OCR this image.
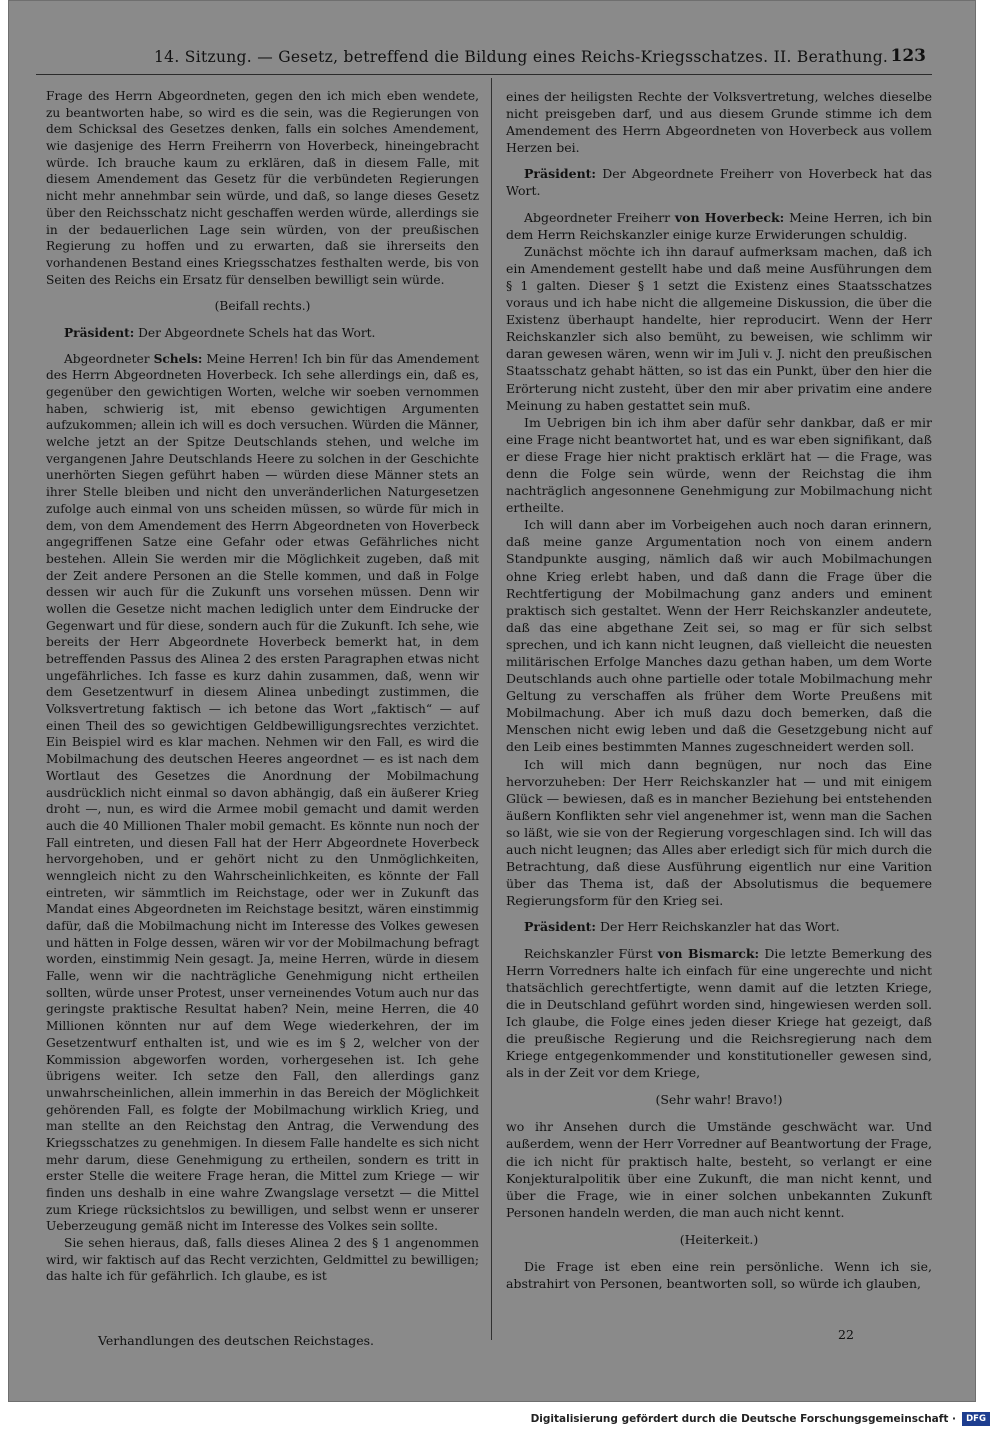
14. Sitzung. — Gesetz, betreffend die Bildung eines Reichs-Kriegsschatzes. II. Berathung. 123

Frage des Herrn Abgeordneten, gegen den ich mich eben wendete, zu beantworten habe, so wird es die sein, was die Regierungen von dem Schicksal des Gesetzes denken, falls ein solches Amendement, wie dasjenige des Herrn Freiherrn von Hoverbeck, hineingebracht würde. Ich brauche kaum zu erklären, daß in diesem Falle, mit diesem Amendement das Gesetz für die verbündeten Regierungen nicht mehr annehmbar sein würde, und daß, so lange dieses Gesetz über den Reichsschatz nicht geschaffen werden würde, allerdings sie in der bedauerlichen Lage sein würden, von der preußischen Regierung zu hoffen und zu erwarten, daß sie ihrerseits den vorhandenen Bestand eines Kriegsschatzes festhalten werde, bis von Seiten des Reichs ein Ersatz für denselben bewilligt sein würde.

(Beifall rechts.)

Präsident: Der Abgeordnete Schels hat das Wort.

Abgeordneter Schels: Meine Herren! Ich bin für das Amendement des Herrn Abgeordneten Hoverbeck. Ich sehe allerdings ein, daß es, gegenüber den gewichtigen Worten, welche wir soeben vernommen haben, schwierig ist, mit ebenso gewichtigen Argumenten aufzukommen; allein ich will es doch versuchen. Würden die Männer, welche jetzt an der Spitze Deutschlands stehen, und welche im vergangenen Jahre Deutschlands Heere zu solchen in der Geschichte unerhörten Siegen geführt haben — würden diese Männer stets an ihrer Stelle bleiben und nicht den unveränderlichen Naturgesetzen zufolge auch einmal von uns scheiden müssen, so würde für mich in dem, von dem Amendement des Herrn Abgeordneten von Hoverbeck angegriffenen Satze eine Gefahr oder etwas Gefährliches nicht bestehen. Allein Sie werden mir die Möglichkeit zugeben, daß mit der Zeit andere Personen an die Stelle kommen, und daß in Folge dessen wir auch für die Zukunft uns vorsehen müssen. Denn wir wollen die Gesetze nicht machen lediglich unter dem Eindrucke der Gegenwart und für diese, sondern auch für die Zukunft. Ich sehe, wie bereits der Herr Abgeordnete Hoverbeck bemerkt hat, in dem betreffenden Passus des Alinea 2 des ersten Paragraphen etwas nicht ungefährliches. Ich fasse es kurz dahin zusammen, daß, wenn wir dem Gesetzentwurf in diesem Alinea unbedingt zustimmen, die Volksvertretung faktisch — ich betone das Wort „faktisch“ — auf einen Theil des so gewichtigen Geldbewilligungsrechtes verzichtet. Ein Beispiel wird es klar machen. Nehmen wir den Fall, es wird die Mobilmachung des deutschen Heeres angeordnet — es ist nach dem Wortlaut des Gesetzes die Anordnung der Mobilmachung ausdrücklich nicht einmal so davon abhängig, daß ein äußerer Krieg droht —, nun, es wird die Armee mobil gemacht und damit werden auch die 40 Millionen Thaler mobil gemacht. Es könnte nun noch der Fall eintreten, und diesen Fall hat der Herr Abgeordnete Hoverbeck hervorgehoben, und er gehört nicht zu den Unmöglichkeiten, wenngleich nicht zu den Wahrscheinlichkeiten, es könnte der Fall eintreten, wir sämmtlich im Reichstage, oder wer in Zukunft das Mandat eines Abgeordneten im Reichstage besitzt, wären einstimmig dafür, daß die Mobilmachung nicht im Interesse des Volkes gewesen und hätten in Folge dessen, wären wir vor der Mobilmachung befragt worden, einstimmig Nein gesagt. Ja, meine Herren, würde in diesem Falle, wenn wir die nachträgliche Genehmigung nicht ertheilen sollten, würde unser Protest, unser verneinendes Votum auch nur das geringste praktische Resultat haben? Nein, meine Herren, die 40 Millionen könnten nur auf dem Wege wiederkehren, der im Gesetzentwurf enthalten ist, und wie es im § 2, welcher von der Kommission abgeworfen worden, vorhergesehen ist. Ich gehe übrigens weiter. Ich setze den Fall, den allerdings ganz unwahrscheinlichen, allein immerhin in das Bereich der Möglichkeit gehörenden Fall, es folgte der Mobilmachung wirklich Krieg, und man stellte an den Reichstag den Antrag, die Verwendung des Kriegsschatzes zu genehmigen. In diesem Falle handelte es sich nicht mehr darum, diese Genehmigung zu ertheilen, sondern es tritt in erster Stelle die weitere Frage heran, die Mittel zum Kriege — wir finden uns deshalb in eine wahre Zwangslage versetzt — die Mittel zum Kriege rücksichtslos zu bewilligen, und selbst wenn er unserer Ueberzeugung gemäß nicht im Interesse des Volkes sein sollte.

Sie sehen hieraus, daß, falls dieses Alinea 2 des § 1 angenommen wird, wir faktisch auf das Recht verzichten, Geldmittel zu bewilligen; das halte ich für gefährlich. Ich glaube, es ist

eines der heiligsten Rechte der Volksvertretung, welches dieselbe nicht preisgeben darf, und aus diesem Grunde stimme ich dem Amendement des Herrn Abgeordneten von Hoverbeck aus vollem Herzen bei.

Präsident: Der Abgeordnete Freiherr von Hoverbeck hat das Wort.

Abgeordneter Freiherr von Hoverbeck: Meine Herren, ich bin dem Herrn Reichskanzler einige kurze Erwiderungen schuldig.

Zunächst möchte ich ihn darauf aufmerksam machen, daß ich ein Amendement gestellt habe und daß meine Ausführungen dem § 1 galten. Dieser § 1 setzt die Existenz eines Staatsschatzes voraus und ich habe nicht die allgemeine Diskussion, die über die Existenz überhaupt handelte, hier reproducirt. Wenn der Herr Reichskanzler sich also bemüht, zu beweisen, wie schlimm wir daran gewesen wären, wenn wir im Juli v. J. nicht den preußischen Staatsschatz gehabt hätten, so ist das ein Punkt, über den hier die Erörterung nicht zusteht, über den mir aber privatim eine andere Meinung zu haben gestattet sein muß.

Im Uebrigen bin ich ihm aber dafür sehr dankbar, daß er mir eine Frage nicht beantwortet hat, und es war eben signifikant, daß er diese Frage hier nicht praktisch erklärt hat — die Frage, was denn die Folge sein würde, wenn der Reichstag die ihm nachträglich angesonnene Genehmigung zur Mobilmachung nicht ertheilte.

Ich will dann aber im Vorbeigehen auch noch daran erinnern, daß meine ganze Argumentation noch von einem andern Standpunkte ausging, nämlich daß wir auch Mobilmachungen ohne Krieg erlebt haben, und daß dann die Frage über die Rechtfertigung der Mobilmachung ganz anders und eminent praktisch sich gestaltet. Wenn der Herr Reichskanzler andeutete, daß das eine abgethane Zeit sei, so mag er für sich selbst sprechen, und ich kann nicht leugnen, daß vielleicht die neuesten militärischen Erfolge Manches dazu gethan haben, um dem Worte Deutschlands auch ohne partielle oder totale Mobilmachung mehr Geltung zu verschaffen als früher dem Worte Preußens mit Mobilmachung. Aber ich muß dazu doch bemerken, daß die Menschen nicht ewig leben und daß die Gesetzgebung nicht auf den Leib eines bestimmten Mannes zugeschneidert werden soll.

Ich will mich dann begnügen, nur noch das Eine hervorzuheben: Der Herr Reichskanzler hat — und mit einigem Glück — bewiesen, daß es in mancher Beziehung bei entstehenden äußern Konflikten sehr viel angenehmer ist, wenn man die Sachen so läßt, wie sie von der Regierung vorgeschlagen sind. Ich will das auch nicht leugnen; das Alles aber erledigt sich für mich durch die Betrachtung, daß diese Ausführung eigentlich nur eine Varition über das Thema ist, daß der Absolutismus die bequemere Regierungsform für den Krieg sei.

Präsident: Der Herr Reichskanzler hat das Wort.

Reichskanzler Fürst von Bismarck: Die letzte Bemerkung des Herrn Vorredners halte ich einfach für eine ungerechte und nicht thatsächlich gerechtfertigte, wenn damit auf die letzten Kriege, die in Deutschland geführt worden sind, hingewiesen werden soll. Ich glaube, die Folge eines jeden dieser Kriege hat gezeigt, daß die preußische Regierung und die Reichsregierung nach dem Kriege entgegenkommender und konstitutioneller gewesen sind, als in der Zeit vor dem Kriege,

(Sehr wahr! Bravo!)

wo ihr Ansehen durch die Umstände geschwächt war. Und außerdem, wenn der Herr Vorredner auf Beantwortung der Frage, die ich nicht für praktisch halte, besteht, so verlangt er eine Konjekturalpolitik über eine Zukunft, die man nicht kennt, und über die Frage, wie in einer solchen unbekannten Zukunft Personen handeln werden, die man auch nicht kennt.

(Heiterkeit.)

Die Frage ist eben eine rein persönliche. Wenn ich sie, abstrahirt von Personen, beantworten soll, so würde ich glauben,

Verhandlungen des deutschen Reichstages.	22
Digitalisierung gefördert durch die Deutsche Forschungsgemeinschaft ·	DFG
